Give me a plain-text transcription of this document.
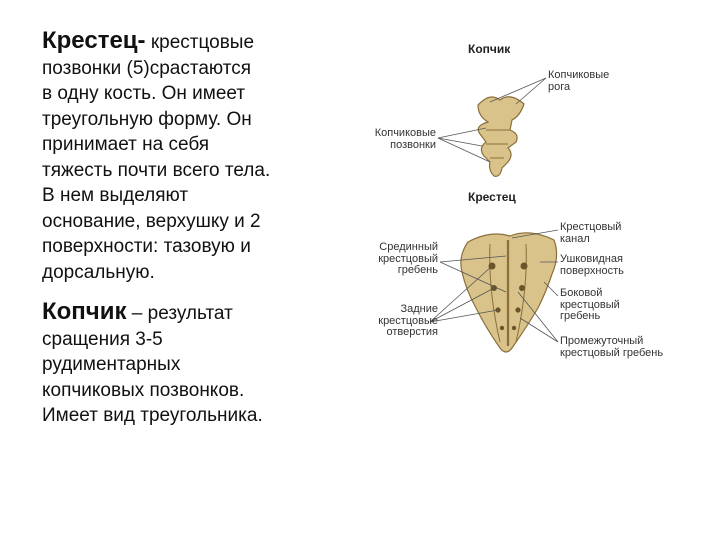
Крестец- крестцовые
позвонки (5)срастаются
в одну кость. Он имеет
треугольную форму. Он
принимает на себя
тяжесть почти всего тела.
В нем выделяют
основание, верхушку и 2
поверхности: тазовую и
дорсальную.

Копчик – результат
сращения 3-5
рудиментарных
копчиковых позвонков.
Имеет вид треугольника.

Копчик
Копчиковые
рога
Копчиковые
позвонки
Крестец
Крестцовый
канал
Срединный
крестцовый
гребень
Ушковидная
поверхность
Боковой
крестцовый
гребень
Задние
крестцовые
отверстия
Промежуточный
крестцовый гребень
